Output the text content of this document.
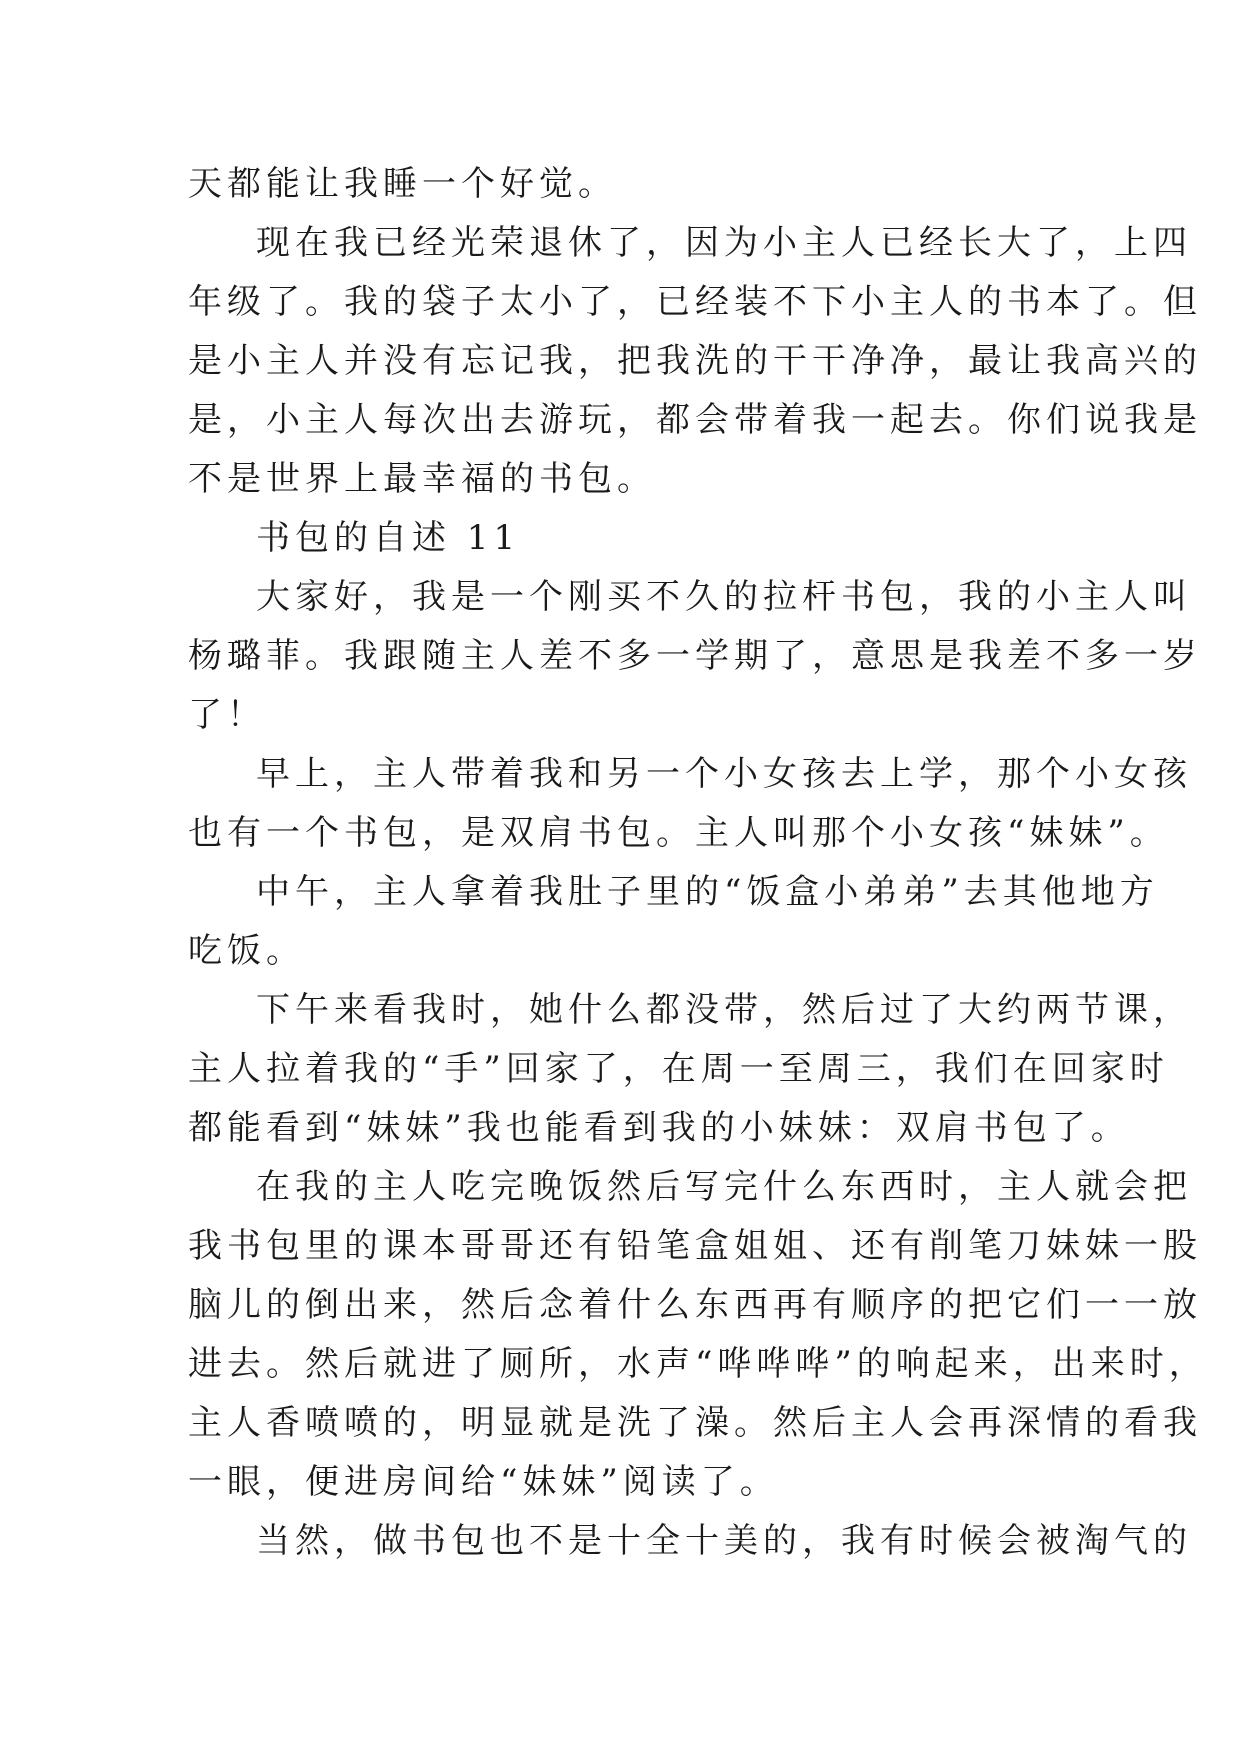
天都能让我睡一个好觉。
现在我已经光荣退休了，因为小主人已经长大了，上四
年级了。我的袋子太小了，已经装不下小主人的书本了。但
是小主人并没有忘记我，把我洗的干干净净，最让我高兴的
是，小主人每次出去游玩，都会带着我一起去。你们说我是
不是世界上最幸福的书包。
书包的自述 11
大家好，我是一个刚买不久的拉杆书包，我的小主人叫
杨璐菲。我跟随主人差不多一学期了，意思是我差不多一岁
了！
早上，主人带着我和另一个小女孩去上学，那个小女孩
也有一个书包，是双肩书包。主人叫那个小女孩“妹妹”。
中午，主人拿着我肚子里的“饭盒小弟弟”去其他地方
吃饭。
下午来看我时，她什么都没带，然后过了大约两节课，
主人拉着我的“手”回家了，在周一至周三，我们在回家时
都能看到“妹妹”我也能看到我的小妹妹：双肩书包了。
在我的主人吃完晚饭然后写完什么东西时，主人就会把
我书包里的课本哥哥还有铅笔盒姐姐、还有削笔刀妹妹一股
脑儿的倒出来，然后念着什么东西再有顺序的把它们一一放
进去。然后就进了厕所，水声“哗哗哗”的响起来，出来时，
主人香喷喷的，明显就是洗了澡。然后主人会再深情的看我
一眼，便进房间给“妹妹”阅读了。
当然，做书包也不是十全十美的，我有时候会被淘气的
